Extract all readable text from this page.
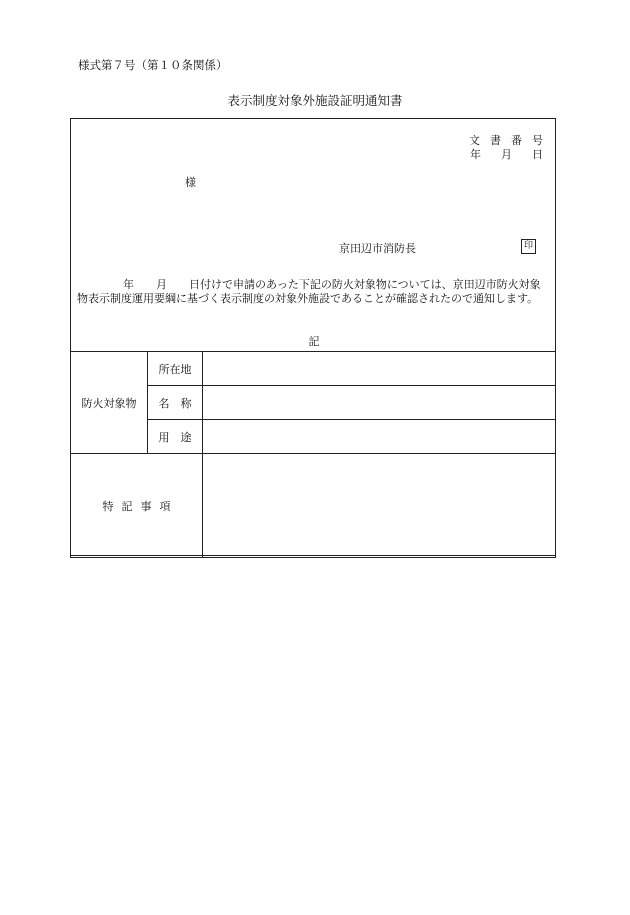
様式第７号（第１０条関係）
表示制度対象外施設証明通知書
文書番号
年 月 日
様
京田辺市消防長	印
年 月 日付けで申請のあった下記の防火対象物については、京田辺市防火対象物表示制度運用要綱に基づく表示制度の対象外施設であることが確認されたので通知します。
記
防火対象物	所在地	
	名　称	
	用　途	
特記事項		
